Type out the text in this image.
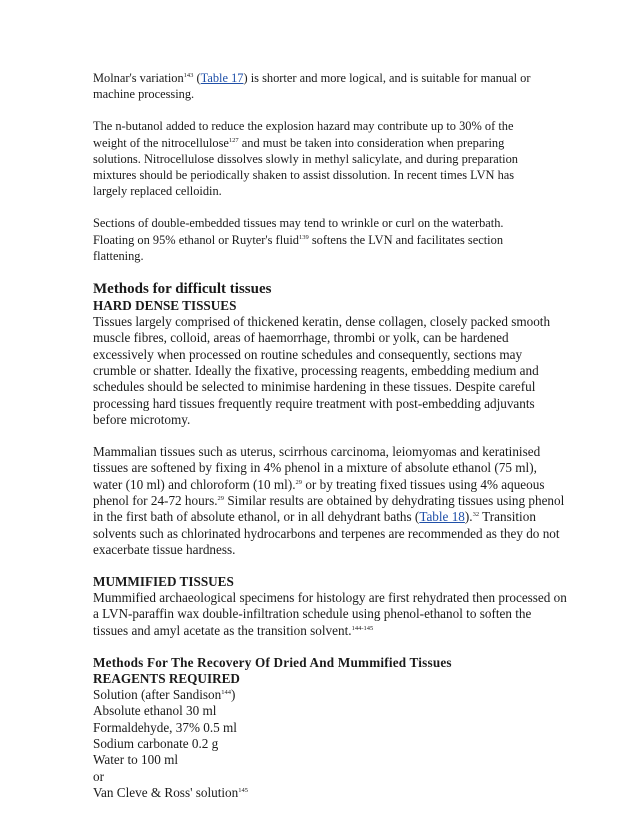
Molnar's variation$^{143}$ (Table 17) is shorter and more logical, and is suitable for manual or
machine processing.

The n-butanol added to reduce the explosion hazard may contribute up to 30% of the
weight of the nitrocellulose$^{127}$ and must be taken into consideration when preparing
solutions. Nitrocellulose dissolves slowly in methyl salicylate, and during preparation
mixtures should be periodically shaken to assist dissolution. In recent times LVN has
largely replaced celloidin.

Sections of double-embedded tissues may tend to wrinkle or curl on the waterbath.
Floating on 95% ethanol or Ruyter's fluid$^{139}$ softens the LVN and facilitates section
flattening.

Methods for difficult tissues
HARD DENSE TISSUES

Tissues largely comprised of thickened keratin, dense collagen, closely packed smooth
muscle fibres, colloid, areas of haemorrhage, thrombi or yolk, can be hardened
excessively when processed on routine schedules and consequently, sections may
crumble or shatter. Ideally the fixative, processing reagents, embedding medium and
schedules should be selected to minimise hardening in these tissues. Despite careful
processing hard tissues frequently require treatment with post-embedding adjuvants
before microtomy.

Mammalian tissues such as uterus, scirrhous carcinoma, leiomyomas and keratinised
tissues are softened by fixing in 4% phenol in a mixture of absolute ethanol (75 ml),
water (10 ml) and chloroform (10 ml).$^{29}$ or by treating fixed tissues using 4% aqueous
phenol for 24-72 hours.$^{29}$ Similar results are obtained by dehydrating tissues using phenol
in the first bath of absolute ethanol, or in all dehydrant baths (Table 18).$^{32}$ Transition
solvents such as chlorinated hydrocarbons and terpenes are recommended as they do not
exacerbate tissue hardness.

MUMMIFIED TISSUES

Mummified archaeological specimens for histology are first rehydrated then processed on
a LVN-paraffin wax double-infiltration schedule using phenol-ethanol to soften the
tissues and amyl acetate as the transition solvent.$^{144-145}$

Methods For The Recovery Of Dried And Mummified Tissues
REAGENTS REQUIRED

Solution (after Sandison$^{144}$)
Absolute ethanol 30 ml
Formaldehyde, 37% 0.5 ml
Sodium carbonate 0.2 g
Water to 100 ml
or
Van Cleve & Ross' solution$^{145}$
